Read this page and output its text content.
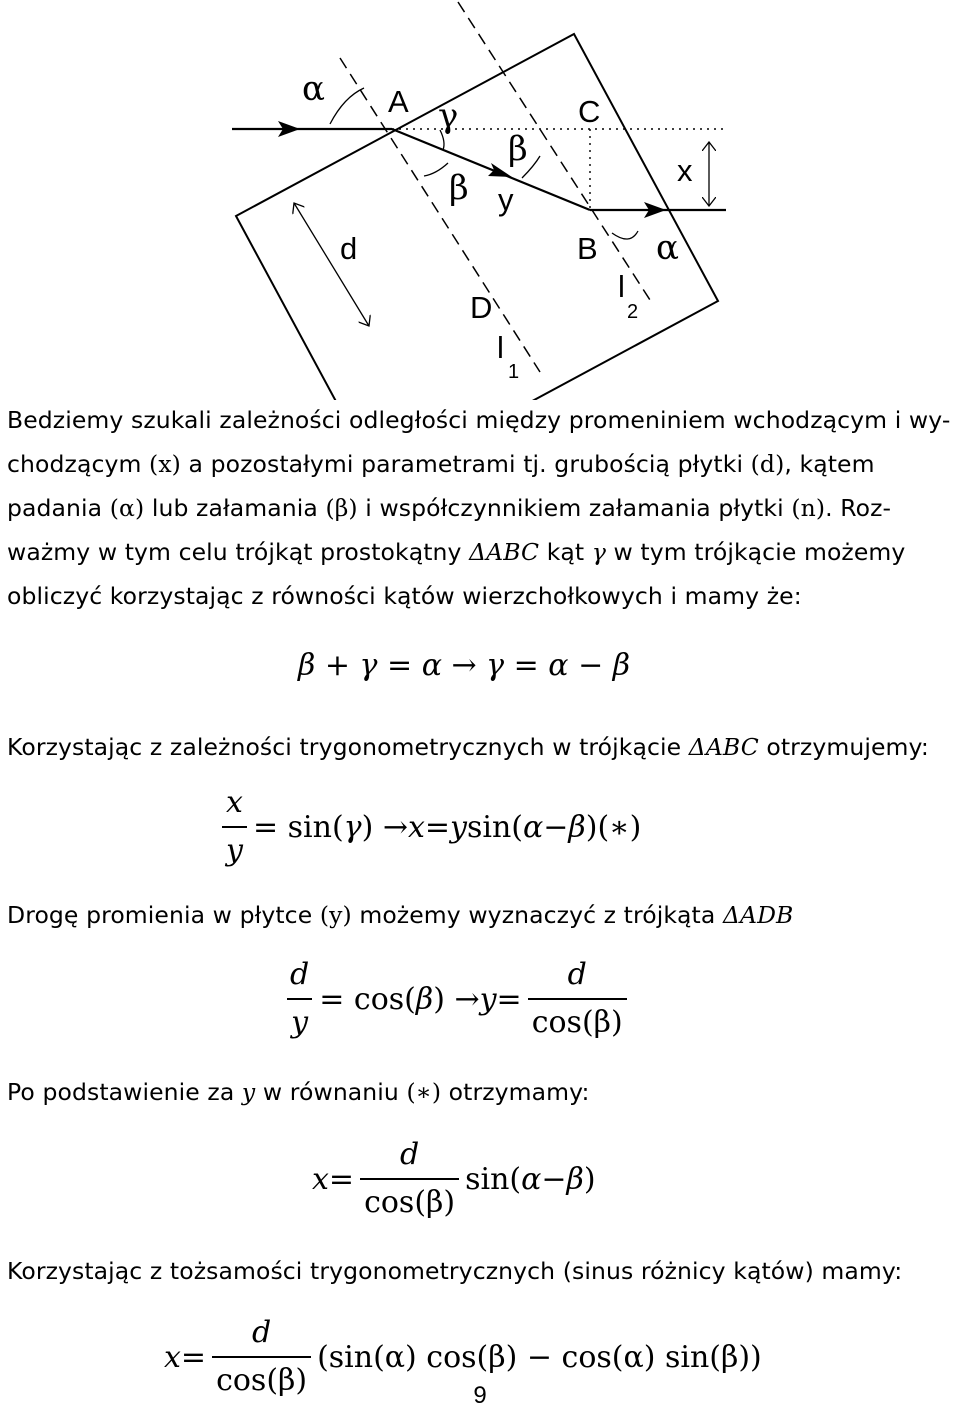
α A γ	C
β
β y
x
d	B α
D
l
1
l
2
Bedziemy szukali zależności odległości między promeniniem wchodzącym i wy-
chodzącym (x) a pozostałymi parametrami tj. grubością płytki (d), kątem
padania (α) lub załamania (β) i współczynnikiem załamania płytki (n). Roz-
ważmy w tym celu trójkąt prostokątny ΔABC kąt γ w tym trójkącie możemy
obliczyć korzystając z równości kątów wierzchołkowych i mamy że:
β + γ = α → γ = α − β
Korzystając z zależności trygonometrycznych w trójkącie ΔABC otrzymujemy:
$\frac{x}{y} = \sin$( γ ) → x = y sin( α − β )(∗)
Drogę promienia w płytce (y) możemy wyznaczyć z trójkąta ΔADB
$\frac{d}{y} = \cos$( β ) → $y = \frac{d}{\cos(\beta)}$
Po podstawienie za y w równaniu (∗) otrzymamy:
$x = \frac{d}{\cos(\beta)} \sin$( α − β )
Korzystając z tożsamości trygonometrycznych (sinus różnicy kątów) mamy:
$x = \frac{d}{\cos(\beta)} (\sin(\alpha) \cos(\beta) - \cos(\alpha)$ sin(β))
9
